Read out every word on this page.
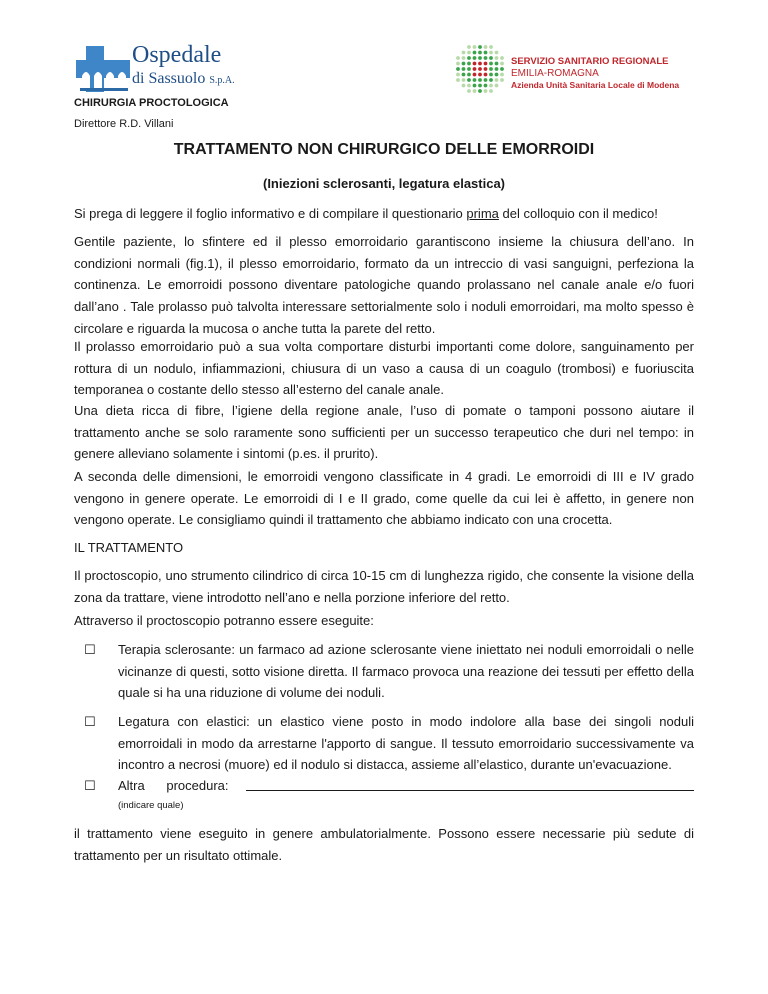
Ospedale
di Sassuolo S.p.A.
SERVIZIO SANITARIO REGIONALE
EMILIA-ROMAGNA
Azienda Unità Sanitaria Locale di Modena
CHIRURGIA PROCTOLOGICA
Direttore R.D. Villani
TRATTAMENTO NON CHIRURGICO DELLE EMORROIDI
(Iniezioni sclerosanti, legatura elastica)
Si prega di leggere il foglio informativo e di compilare il questionario prima del colloquio con il medico!
Gentile paziente, lo sfintere ed il plesso emorroidario garantiscono insieme la chiusura dell’ano. In condizioni normali (fig.1), il plesso emorroidario, formato da un intreccio di vasi sanguigni, perfeziona la continenza. Le emorroidi possono diventare patologiche quando prolassano nel canale anale e/o fuori dall’ano . Tale prolasso può talvolta interessare settorialmente solo i noduli emorroidari, ma molto spesso è circolare e riguarda la mucosa o anche tutta la parete del retto.
Il prolasso emorroidario può a sua volta comportare disturbi importanti come dolore, sanguinamento per rottura di un nodulo, infiammazioni, chiusura di un vaso a causa di un coagulo (trombosi) e fuoriuscita temporanea o costante dello stesso all’esterno del canale anale.
Una dieta ricca di fibre, l’igiene della regione anale, l’uso di pomate o tamponi possono aiutare il trattamento anche se solo raramente sono sufficienti per un successo terapeutico che duri nel tempo: in genere alleviano solamente i sintomi (p.es. il prurito).
A seconda delle dimensioni, le emorroidi vengono classificate in 4 gradi. Le emorroidi di III e IV grado vengono in genere operate. Le emorroidi di I e II grado, come quelle da cui lei è affetto, in genere non vengono operate. Le consigliamo quindi il trattamento che abbiamo indicato con una crocetta.
IL TRATTAMENTO
Il proctoscopio, uno strumento cilindrico di circa 10-15 cm di lunghezza rigido, che consente la visione della zona da trattare, viene introdotto nell’ano e nella porzione inferiore del retto.
Attraverso il proctoscopio potranno essere eseguite:
☐ Terapia sclerosante: un farmaco ad azione sclerosante viene iniettato nei noduli emorroidali o nelle vicinanze di questi, sotto visione diretta. Il farmaco provoca una reazione dei tessuti per effetto della quale si ha una riduzione di volume dei noduli.
☐ Legatura con elastici: un elastico viene posto in modo indolore alla base dei singoli noduli emorroidali in modo da arrestarne l'apporto di sangue. Il tessuto emorroidario successivamente va incontro a necrosi (muore) ed il nodulo si distacca, assieme all’elastico, durante un'evacuazione.
☐ Altra procedura:
(indicare quale)
il trattamento viene eseguito in genere ambulatorialmente. Possono essere necessarie più sedute di trattamento per un risultato ottimale.
